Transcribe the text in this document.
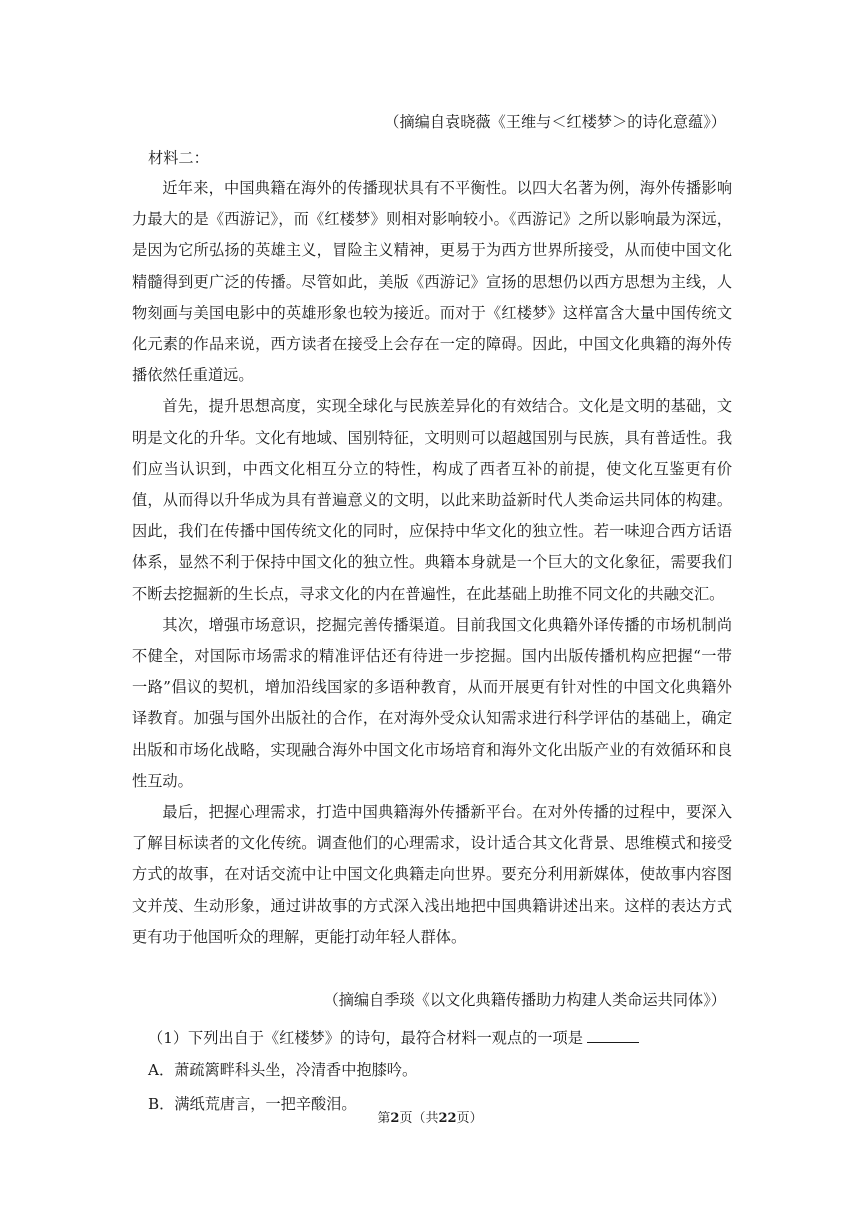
（摘编自袁晓薇《王维与＜红楼梦＞的诗化意蕴》）
材料二：

近年来，中国典籍在海外的传播现状具有不平衡性。以四大名著为例，海外传播影响力最大的是《西游记》，而《红楼梦》则相对影响较小。《西游记》之所以影响最为深远，是因为它所弘扬的英雄主义，冒险主义精神，更易于为西方世界所接受，从而使中国文化精髓得到更广泛的传播。尽管如此，美版《西游记》宣扬的思想仍以西方思想为主线，人物刻画与美国电影中的英雄形象也较为接近。而对于《红楼梦》这样富含大量中国传统文化元素的作品来说，西方读者在接受上会存在一定的障碍。因此，中国文化典籍的海外传播依然任重道远。

首先，提升思想高度，实现全球化与民族差异化的有效结合。文化是文明的基础，文明是文化的升华。文化有地域、国别特征，文明则可以超越国别与民族，具有普适性。我们应当认识到，中西文化相互分立的特性，构成了西者互补的前提，使文化互鉴更有价值，从而得以升华成为具有普遍意义的文明，以此来助益新时代人类命运共同体的构建。因此，我们在传播中国传统文化的同时，应保持中华文化的独立性。若一味迎合西方话语体系，显然不利于保持中国文化的独立性。典籍本身就是一个巨大的文化象征，需要我们不断去挖掘新的生长点，寻求文化的内在普遍性，在此基础上助推不同文化的共融交汇。

其次，增强市场意识，挖掘完善传播渠道。目前我国文化典籍外译传播的市场机制尚不健全，对国际市场需求的精准评估还有待进一步挖掘。国内出版传播机构应把握“一带一路”倡议的契机，增加沿线国家的多语种教育，从而开展更有针对性的中国文化典籍外译教育。加强与国外出版社的合作，在对海外受众认知需求进行科学评估的基础上，确定出版和市场化战略，实现融合海外中国文化市场培育和海外文化出版产业的有效循环和良性互动。

最后，把握心理需求，打造中国典籍海外传播新平台。在对外传播的过程中，要深入了解目标读者的文化传统。调查他们的心理需求，设计适合其文化背景、思维模式和接受方式的故事，在对话交流中让中国文化典籍走向世界。要充分利用新媒体，使故事内容图文并茂、生动形象，通过讲故事的方式深入浅出地把中国典籍讲述出来。这样的表达方式更有功于他国听众的理解，更能打动年轻人群体。

（摘编自季琰《以文化典籍传播助力构建人类命运共同体》）
（1）下列出自于《红楼梦》的诗句，最符合材料一观点的一项是
A．萧疏篱畔科头坐，冷清香中抱膝吟。
B．满纸荒唐言，一把辛酸泪。
第2页（共22页）
